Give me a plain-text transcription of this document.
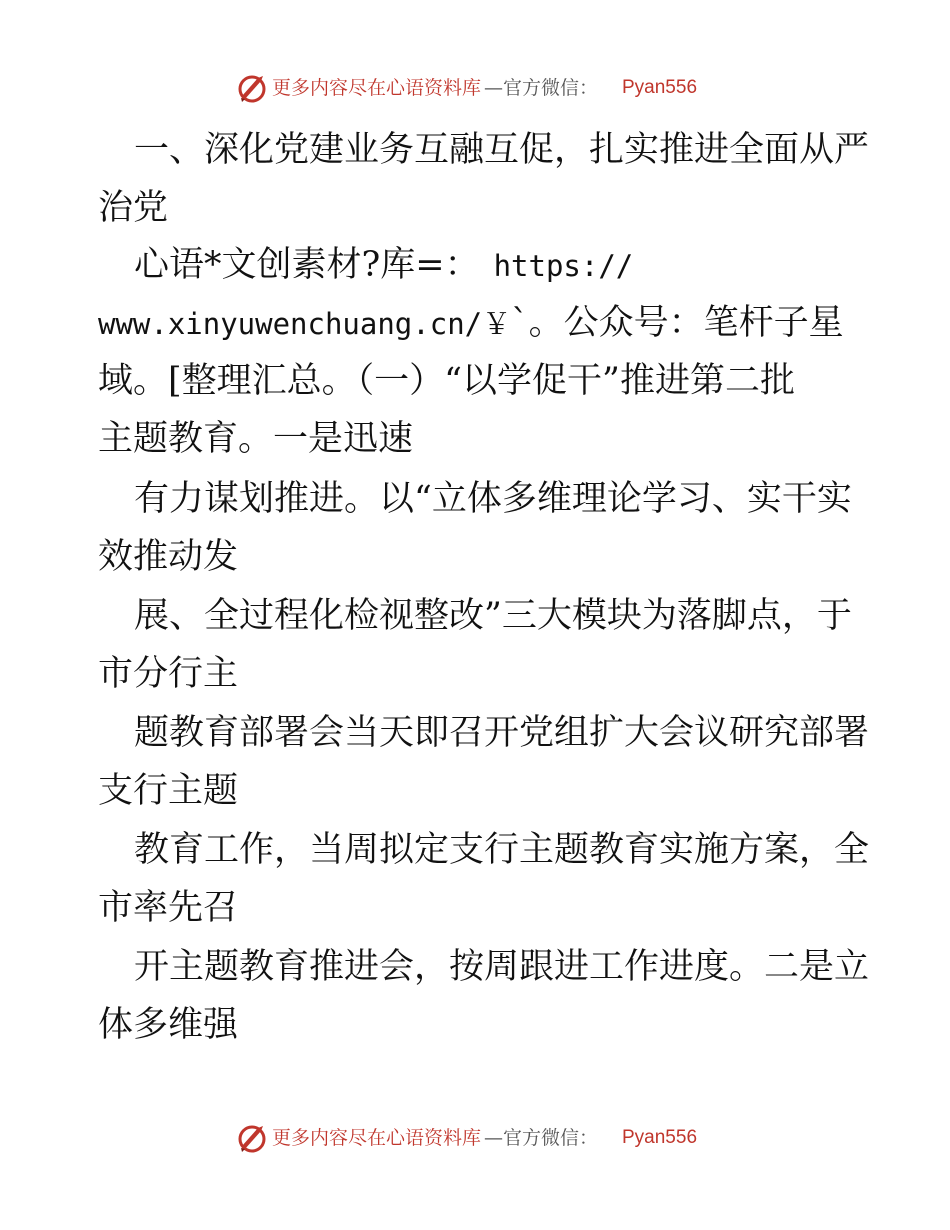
更多内容尽在心语资料库 —官方微信： Pyan556
一、深化党建业务互融互促，扎实推进全面从严
治党
心语*文创素材?库=： https://
www.xinyuwenchuang.cn/￥`。公众号：笔杆子星
域。[整理汇总。（一）“以学促干”推进第二批
主题教育。一是迅速
有力谋划推进。以“立体多维理论学习、实干实
效推动发
展、全过程化检视整改”三大模块为落脚点，于
市分行主
题教育部署会当天即召开党组扩大会议研究部署
支行主题
教育工作，当周拟定支行主题教育实施方案，全
市率先召
开主题教育推进会，按周跟进工作进度。二是立
体多维强
更多内容尽在心语资料库 —官方微信： Pyan556
